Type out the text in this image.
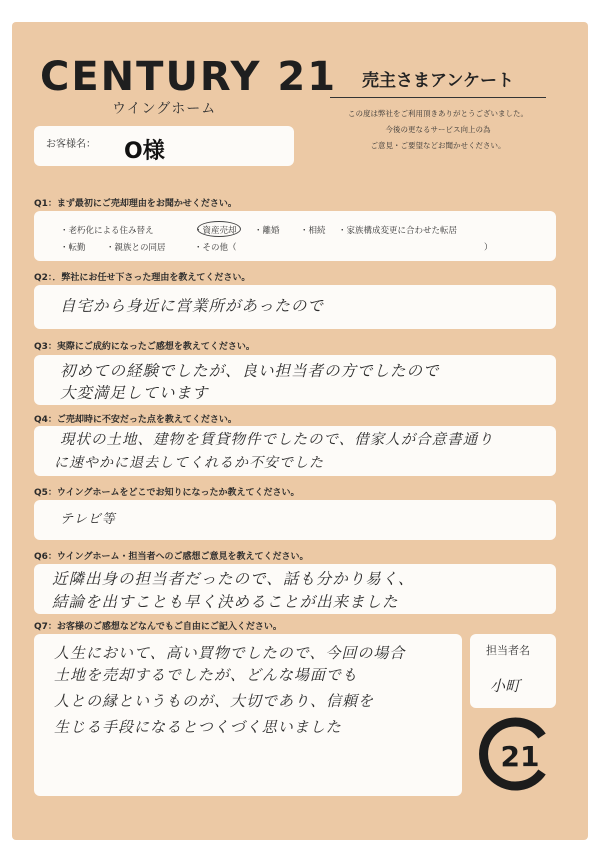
CENTURY 21
ウイングホーム
売主さまアンケート
この度は弊社をご利用頂きありがとうございました。
今後の更なるサービス向上の為
ご意見・ご要望などお聞かせください。
お客様名： O様
Q1：まず最初にご売却理由をお聞かせください。
・老朽化による住み替え	・資産売却 ・離婚 ・相続 ・家族構成変更に合わせた転居
・転勤 ・親族との同居	・その他（	）
Q2：．弊社にお任せ下さった理由を教えてください。
自宅から身近に営業所があったので
Q3：実際にご成約になったご感想を教えてください。
初めての経験でしたが、良い担当者の方でしたので
大変満足しています
Q4：ご売却時に不安だった点を教えてください。
現状の土地、建物を賃貸物件でしたので、借家人が合意書通り
に速やかに退去してくれるか不安でした
Q5：ウイングホームをどこでお知りになったか教えてください。
テレビ等
Q6：ウイングホーム・担当者へのご感想ご意見を教えてください。
近隣出身の担当者だったので、話も分かり易く、
結論を出すことも早く決めることが出来ました
Q7：お客様のご感想などなんでもご自由にご記入ください。
人生において、高い買物でしたので、今回の場合
土地を売却するでしたが、どんな場面でも
人との縁というものが、大切であり、信頼を
生じる手段になるとつくづく思いました
担当者名
小町
21
